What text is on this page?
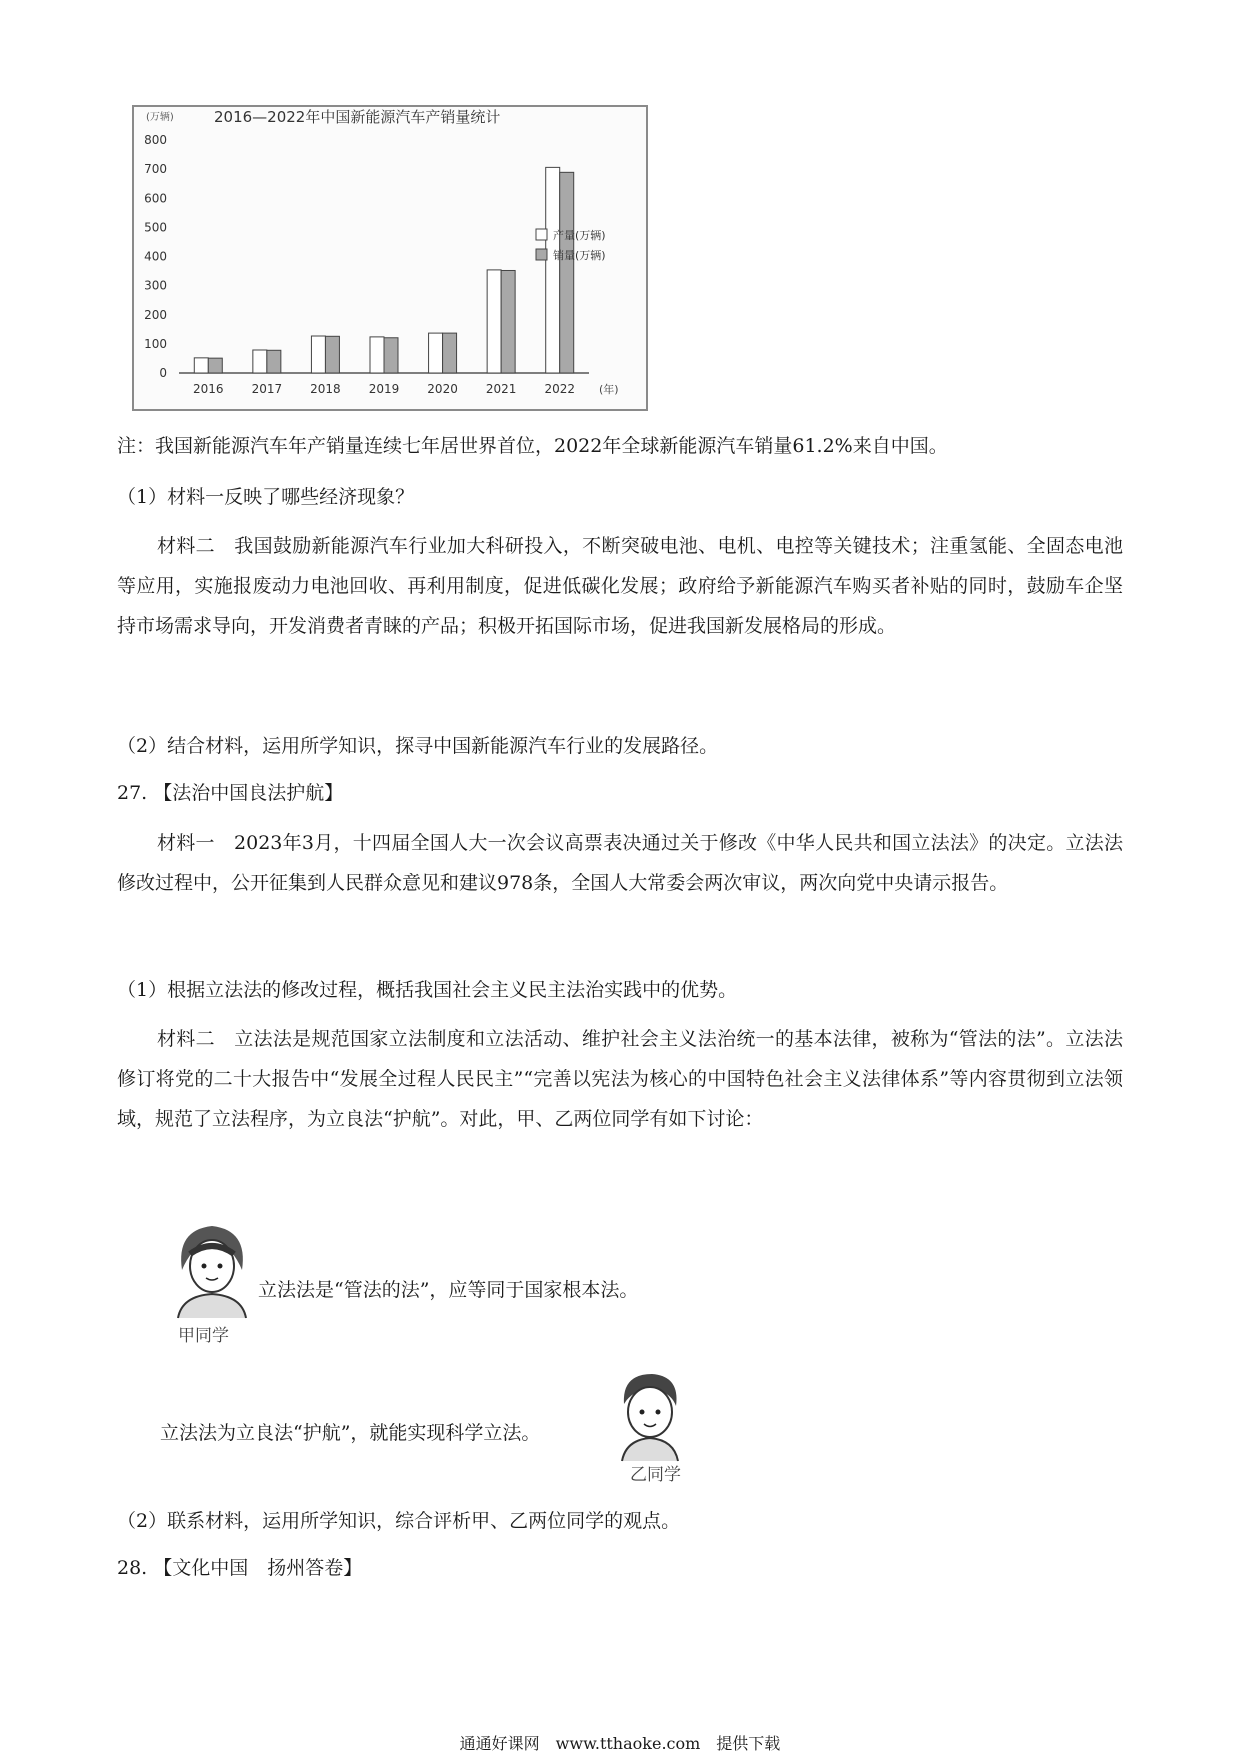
2016—2022年中国新能源汽车产销量统计
(万辆)
0
100
200
300
400
500
600
700
800
2016 2017 2018 2019 2020 2021 2022 (年)
产量(万辆)
销量(万辆)
注：我国新能源汽车年产销量连续七年居世界首位，2022年全球新能源汽车销量61.2%来自中国。
（1）材料一反映了哪些经济现象？
材料二　我国鼓励新能源汽车行业加大科研投入，不断突破电池、电机、电控等关键技术；注重氢能、全固态电池等应用，实施报废动力电池回收、再利用制度，促进低碳化发展；政府给予新能源汽车购买者补贴的同时，鼓励车企坚持市场需求导向，开发消费者青睐的产品；积极开拓国际市场，促进我国新发展格局的形成。
（2）结合材料，运用所学知识，探寻中国新能源汽车行业的发展路径。
27. 【法治中国良法护航】
材料一　2023年3月，十四届全国人大一次会议高票表决通过关于修改《中华人民共和国立法法》的决定。立法法修改过程中，公开征集到人民群众意见和建议978条，全国人大常委会两次审议，两次向党中央请示报告。
（1）根据立法法的修改过程，概括我国社会主义民主法治实践中的优势。
材料二　立法法是规范国家立法制度和立法活动、维护社会主义法治统一的基本法律，被称为“管法的法”。立法法修订将党的二十大报告中“发展全过程人民民主”“完善以宪法为核心的中国特色社会主义法律体系”等内容贯彻到立法领域，规范了立法程序，为立良法“护航”。对此，甲、乙两位同学有如下讨论：
立法法是“管法的法”，应等同于国家根本法。
甲同学
立法法为立良法“护航”，就能实现科学立法。
乙同学
（2）联系材料，运用所学知识，综合评析甲、乙两位同学的观点。
28. 【文化中国　扬州答卷】
通通好课网　www.tthaoke.com　提供下载
